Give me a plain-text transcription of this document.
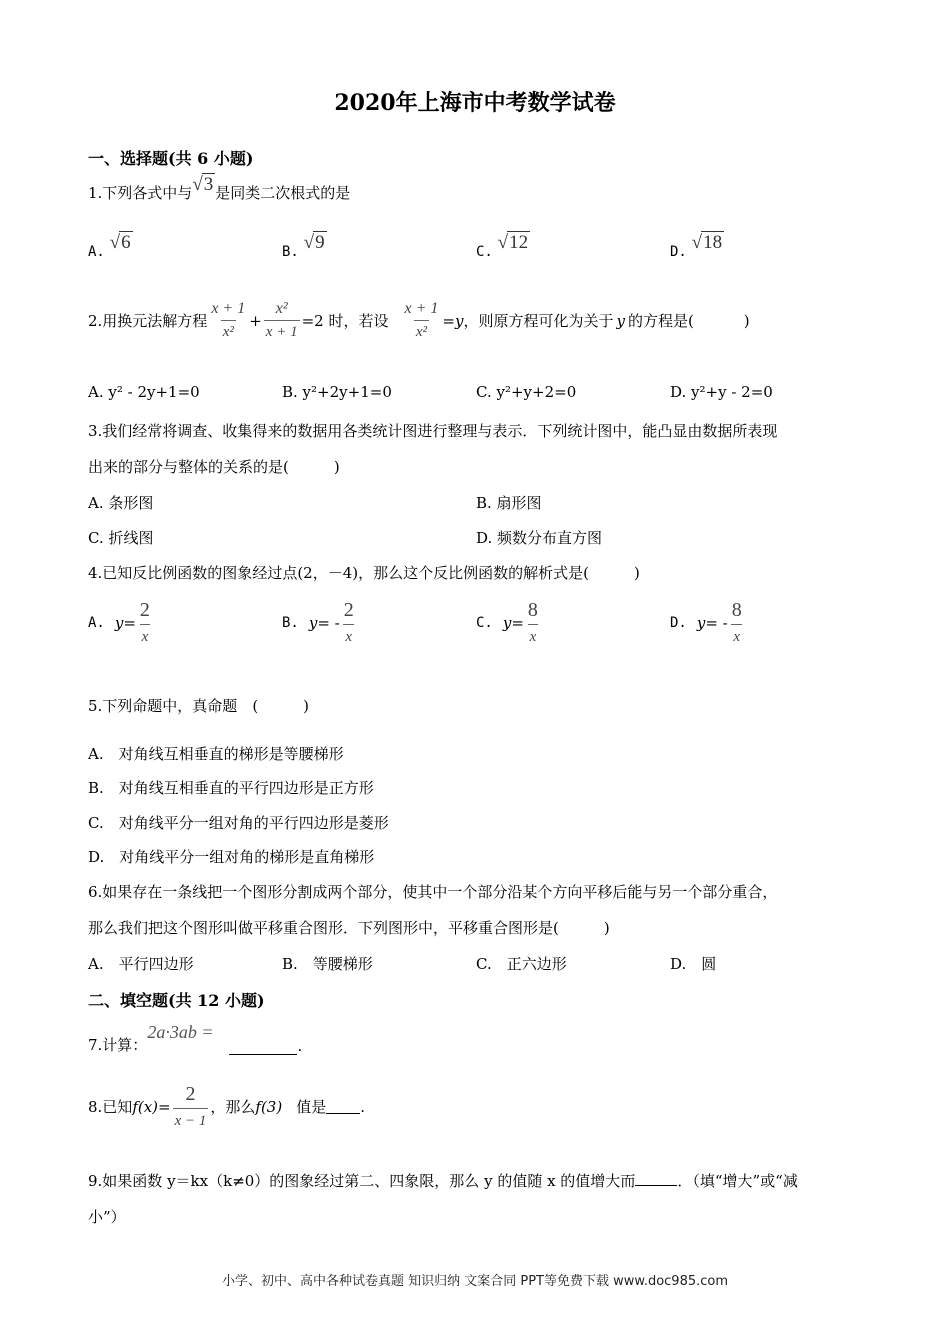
2020年上海市中考数学试卷
一、选择题(共 6 小题)
1.下列各式中与√3 是同类二次根式的是
A. √6	B. √9	C. √12	D. √18
2.用换元法解方程 $\frac{x + 1}{\text{x²}} + \frac{\text{x²}}{x + 1} =2$ 时，若设 $\frac{x + 1}{\text{x²}} = y$ ，则原方程可化为关于 y 的方程是(	)
A. y² - 2y+1=0	B. y²+2y+1=0	C. y²+y+2=0	D. y²+y - 2=0
3.我们经常将调查、收集得来的数据用各类统计图进行整理与表示．下列统计图中，能凸显由数据所表现
出来的部分与整体的关系的是(　　　)
A. 条形图	B. 扇形图
C. 折线图	D. 频数分布直方图
4.已知反比例函数的图象经过点(2，－4)，那么这个反比例函数的解析式是(　　　)
A. $y= \frac{2}{x}$	B. $y= - \frac{2}{x}$	C. $y= \frac{8}{x}$	D. $y= - \frac{8}{x}$
5.下列命题中，真命题　(　　　)
A.　对角线互相垂直的梯形是等腰梯形
B.　对角线互相垂直的平行四边形是正方形
C.　对角线平分一组对角的平行四边形是菱形
D.　对角线平分一组对角的梯形是直角梯形
6.如果存在一条线把一个图形分割成两个部分，使其中一个部分沿某个方向平移后能与另一个部分重合，
那么我们把这个图形叫做平移重合图形．下列图形中，平移重合图形是(　　　)
A.　平行四边形	B.　等腰梯形	C.　正六边形	D.　圆
二、填空题(共 12 小题)
7.计算：
2a·3ab =
.
8.已知 $f(x)= \frac{2}{x - 1}$ ，那么 f(3) 值是 .
9.如果函数 y＝kx（k≠0）的图象经过第二、四象限，那么 y 的值随 x 的值增大而	．（填“增大”或“减
小”）
小学、初中、高中各种试卷真题 知识归纳 文案合同 PPT等免费下载 www.doc985.com
